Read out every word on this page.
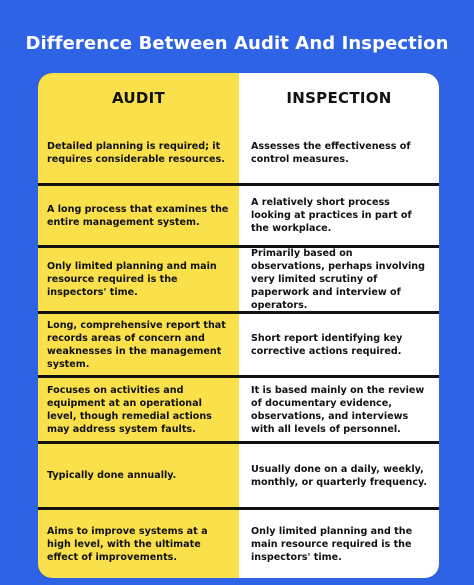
Difference Between Audit And Inspection
AUDIT
Detailed planning is required; it requires considerable resources.
A long process that examines the entire management system.
Only limited planning and main resource required is the inspectors' time.
Long, comprehensive report that records areas of concern and weaknesses in the management system.
Focuses on activities and equipment at an operational level, though remedial actions may address system faults.
Typically done annually.
Aims to improve systems at a high level, with the ultimate effect of improvements.
INSPECTION
Assesses the effectiveness of control measures.
A relatively short process looking at practices in part of the workplace.
Primarily based on observations, perhaps involving very limited scrutiny of paperwork and interview of operators.
Short report identifying key corrective actions required.
It is based mainly on the review of documentary evidence, observations, and interviews with all levels of personnel.
Usually done on a daily, weekly, monthly, or quarterly frequency.
Only limited planning and the main resource required is the inspectors' time.
